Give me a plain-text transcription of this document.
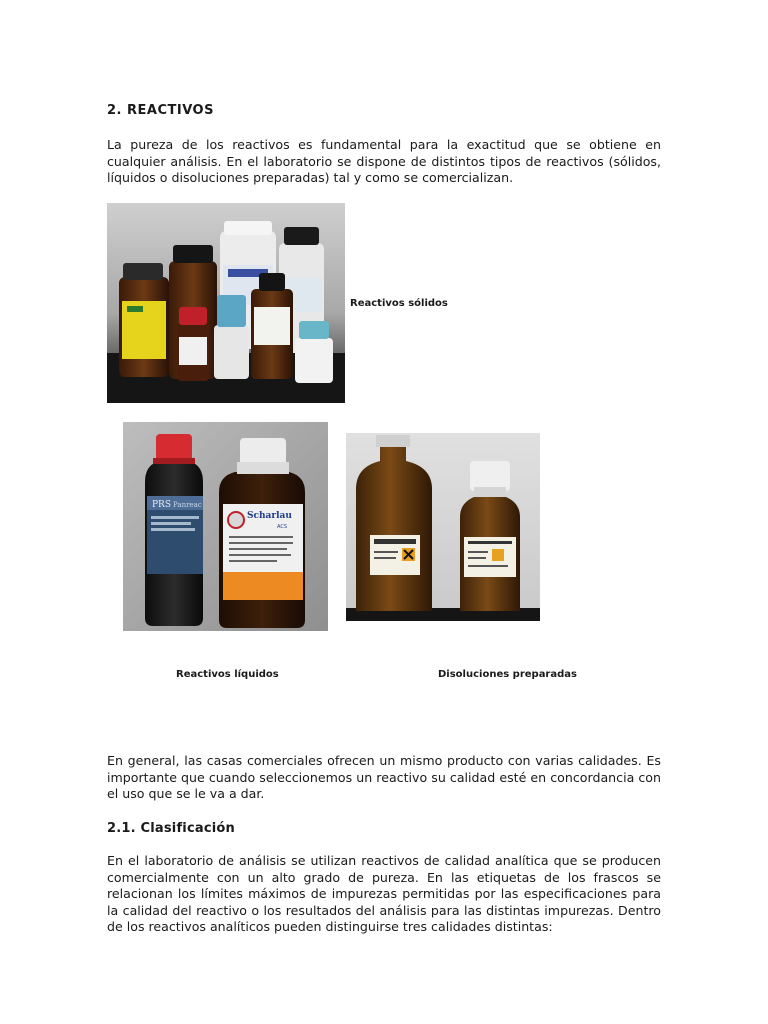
2. REACTIVOS
La pureza de los reactivos es fundamental para la exactitud que se obtiene en cualquier análisis. En el laboratorio se dispone de distintos tipos de reactivos (sólidos, líquidos o disoluciones preparadas) tal y como se comercializan.
Reactivos sólidos
PRS Panreac
Scharlau
ACS
Reactivos líquidos	Disoluciones preparadas
En general, las casas comerciales ofrecen un mismo producto con varias calidades. Es importante que cuando seleccionemos un reactivo su calidad esté en concordancia con el uso que se le va a dar.
2.1. Clasificación
En el laboratorio de análisis se utilizan reactivos de calidad analítica que se producen comercialmente con un alto grado de pureza. En las etiquetas de los frascos se relacionan los límites máximos de impurezas permitidas por las especificaciones para la calidad del reactivo o los resultados del análisis para las distintas impurezas. Dentro de los reactivos analíticos pueden distinguirse tres calidades distintas:
